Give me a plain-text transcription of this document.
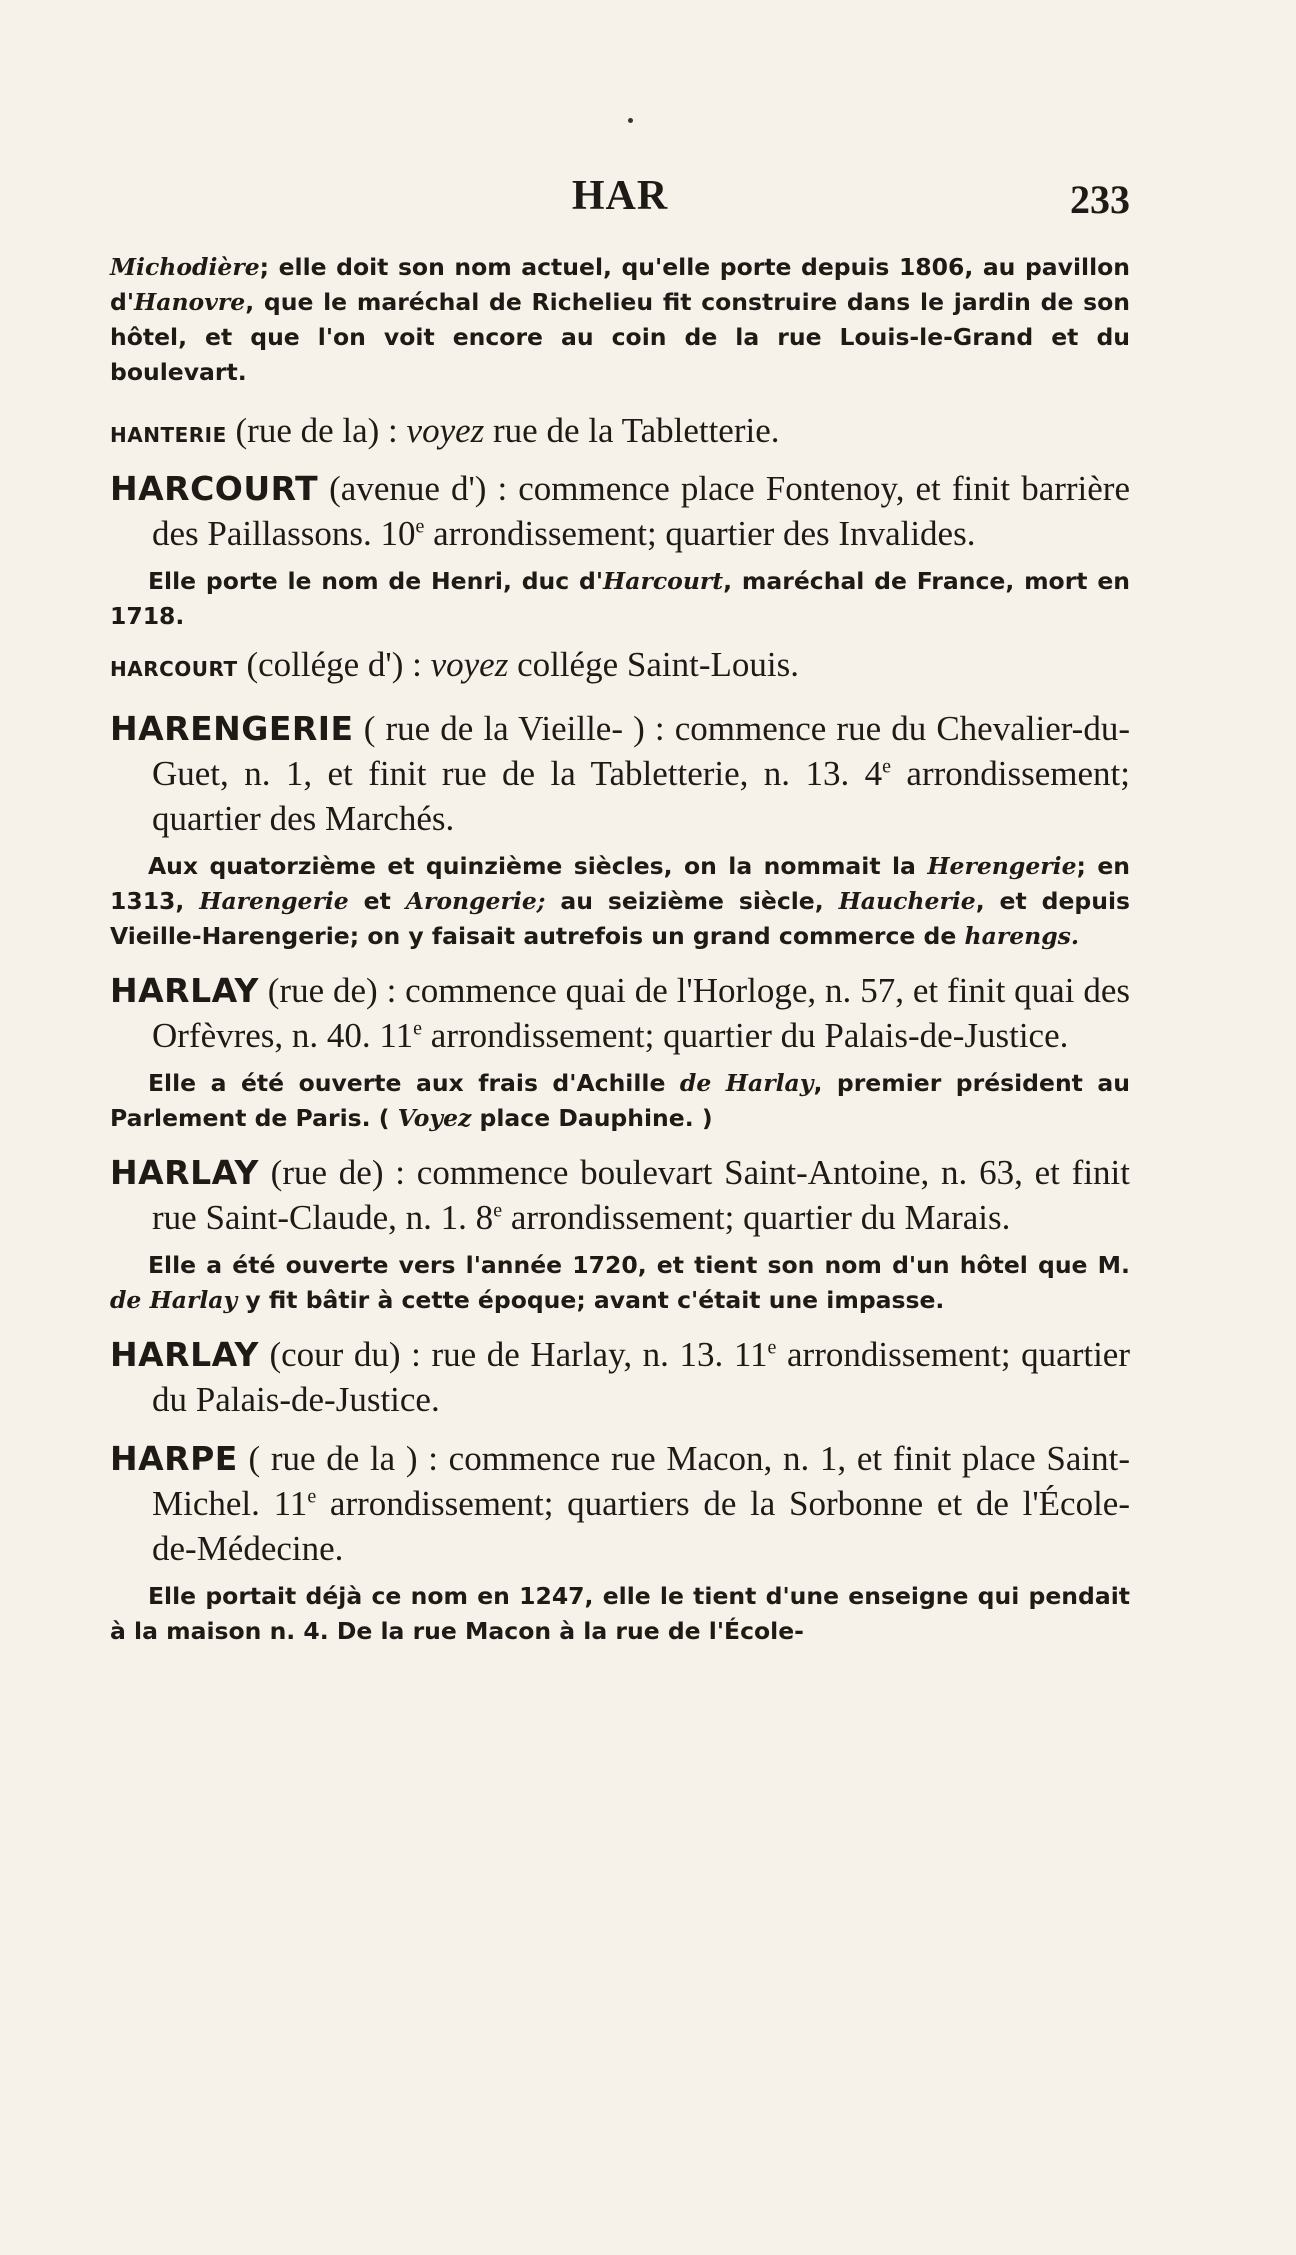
HAR	233

Michodière; elle doit son nom actuel, qu'elle porte depuis 1806, au pavillon d'Hanovre, que le maréchal de Richelieu fit construire dans le jardin de son hôtel, et que l'on voit encore au coin de la rue Louis-le-Grand et du boulevart.

HANTERIE (rue de la) : voyez rue de la Tabletterie.

HARCOURT (avenue d') : commence place Fontenoy, et finit barrière des Paillassons. 10e arrondissement; quartier des Invalides.

Elle porte le nom de Henri, duc d'Harcourt, maréchal de France, mort en 1718.

HARCOURT (collége d') : voyez collége Saint-Louis.

HARENGERIE ( rue de la Vieille- ) : commence rue du Chevalier-du-Guet, n. 1, et finit rue de la Tabletterie, n. 13. 4e arrondissement; quartier des Marchés.

Aux quatorzième et quinzième siècles, on la nommait la Herengerie; en 1313, Harengerie et Arongerie; au seizième siècle, Haucherie, et depuis Vieille-Harengerie; on y faisait autrefois un grand commerce de harengs.

HARLAY (rue de) : commence quai de l'Horloge, n. 57, et finit quai des Orfèvres, n. 40. 11e arrondissement; quartier du Palais-de-Justice.

Elle a été ouverte aux frais d'Achille de Harlay, premier président au Parlement de Paris. ( Voyez place Dauphine. )

HARLAY (rue de) : commence boulevart Saint-Antoine, n. 63, et finit rue Saint-Claude, n. 1. 8e arrondissement; quartier du Marais.

Elle a été ouverte vers l'année 1720, et tient son nom d'un hôtel que M. de Harlay y fit bâtir à cette époque; avant c'était une impasse.

HARLAY (cour du) : rue de Harlay, n. 13. 11e arrondissement; quartier du Palais-de-Justice.

HARPE ( rue de la ) : commence rue Macon, n. 1, et finit place Saint-Michel. 11e arrondissement; quartiers de la Sorbonne et de l'École-de-Médecine.

Elle portait déjà ce nom en 1247, elle le tient d'une enseigne qui pendait à la maison n. 4. De la rue Macon à la rue de l'École-
